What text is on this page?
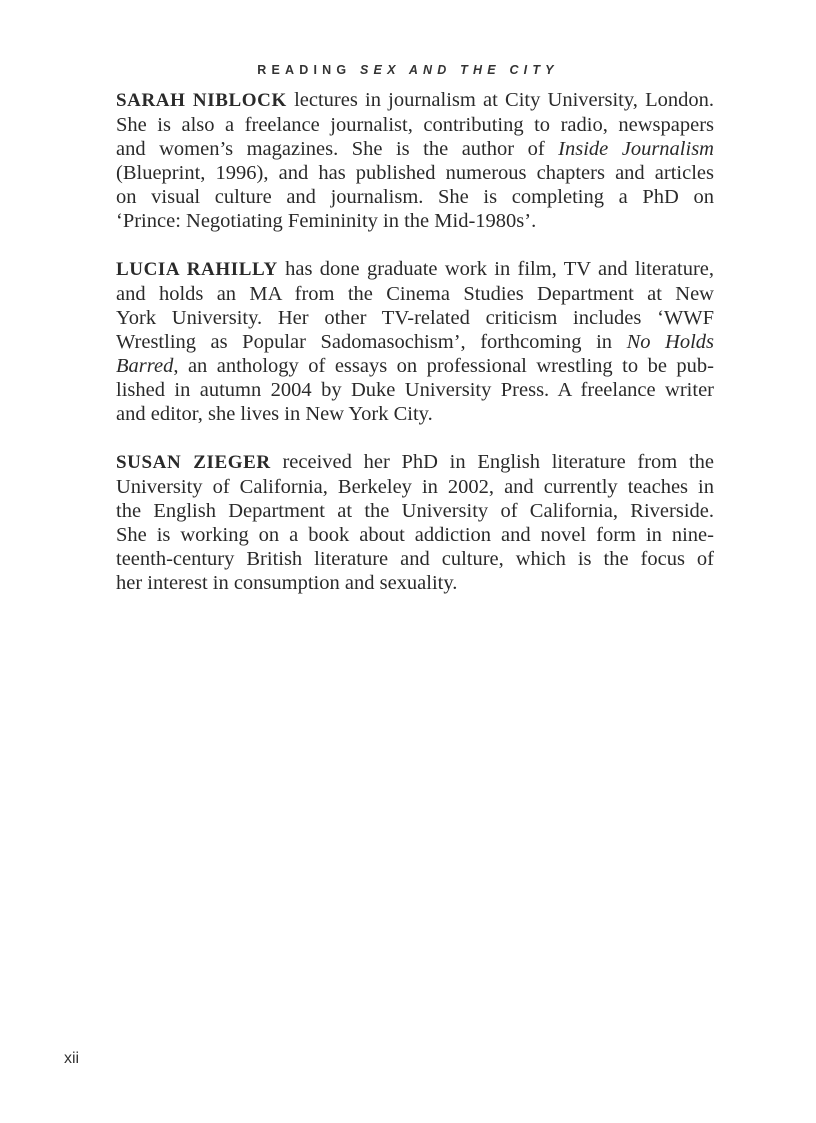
READING SEX AND THE CITY
SARAH NIBLOCK lectures in journalism at City University, London.
She is also a freelance journalist, contributing to radio, newspapers
and women’s magazines. She is the author of Inside Journalism
(Blueprint, 1996), and has published numerous chapters and articles
on visual culture and journalism. She is completing a PhD on
‘Prince: Negotiating Femininity in the Mid-1980s’.
LUCIA RAHILLY has done graduate work in film, TV and literature,
and holds an MA from the Cinema Studies Department at New
York University. Her other TV-related criticism includes ‘WWF
Wrestling as Popular Sadomasochism’, forthcoming in No Holds
Barred, an anthology of essays on professional wrestling to be pub-
lished in autumn 2004 by Duke University Press. A freelance writer
and editor, she lives in New York City.
SUSAN ZIEGER received her PhD in English literature from the
University of California, Berkeley in 2002, and currently teaches in
the English Department at the University of California, Riverside.
She is working on a book about addiction and novel form in nine-
teenth-century British literature and culture, which is the focus of
her interest in consumption and sexuality.
xii
